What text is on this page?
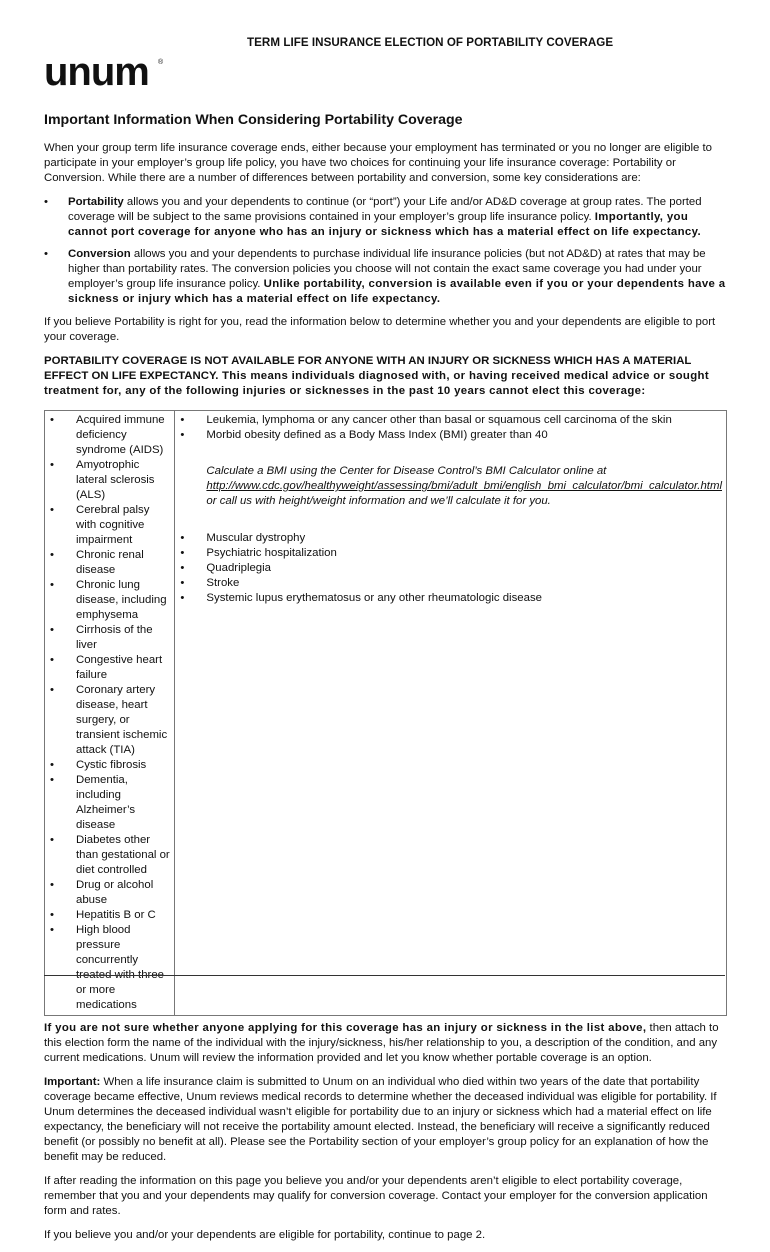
unum ®
TERM LIFE INSURANCE ELECTION OF PORTABILITY COVERAGE
Important Information When Considering Portability Coverage

When your group term life insurance coverage ends, either because your employment has terminated or you no longer are eligible to participate in your employer’s group life policy, you have two choices for continuing your life insurance coverage: Portability or Conversion. While there are a number of differences between portability and conversion, some key considerations are:

• Portability allows you and your dependents to continue (or “port”) your Life and/or AD&D coverage at group rates. The ported coverage will be subject to the same provisions contained in your employer’s group life insurance policy. Importantly, you cannot port coverage for anyone who has an injury or sickness which has a material effect on life expectancy.
• Conversion allows you and your dependents to purchase individual life insurance policies (but not AD&D) at rates that may be higher than portability rates. The conversion policies you choose will not contain the exact same coverage you had under your employer’s group life insurance policy. Unlike portability, conversion is available even if you or your dependents have a sickness or injury which has a material effect on life expectancy.

If you believe Portability is right for you, read the information below to determine whether you and your dependents are eligible to port your coverage.

PORTABILITY COVERAGE IS NOT AVAILABLE FOR ANYONE WITH AN INJURY OR SICKNESS WHICH HAS A MATERIAL EFFECT ON LIFE EXPECTANCY. This means individuals diagnosed with, or having received medical advice or sought treatment for, any of the following injuries or sicknesses in the past 10 years cannot elect this coverage:

• Acquired immune deficiency syndrome (AIDS)
• Amyotrophic lateral sclerosis (ALS)
• Cerebral palsy with cognitive impairment
• Chronic renal disease
• Chronic lung disease, including emphysema
• Cirrhosis of the liver
• Congestive heart failure
• Coronary artery disease, heart surgery, or transient ischemic attack (TIA)
• Cystic fibrosis
• Dementia, including Alzheimer’s disease
• Diabetes other than gestational or diet controlled
• Drug or alcohol abuse
• Hepatitis B or C
• High blood pressure concurrently treated with three or more medications

• Leukemia, lymphoma or any cancer other than basal or squamous cell carcinoma of the skin
• Morbid obesity defined as a Body Mass Index (BMI) greater than 40
Calculate a BMI using the Center for Disease Control’s BMI Calculator online at http://www.cdc.gov/healthyweight/assessing/bmi/adult_bmi/english_bmi_calculator/bmi_calculator.html or call us with height/weight information and we’ll calculate it for you.
• Muscular dystrophy
• Psychiatric hospitalization
• Quadriplegia
• Stroke
• Systemic lupus erythematosus or any other rheumatologic disease

If you are not sure whether anyone applying for this coverage has an injury or sickness in the list above, then attach to this election form the name of the individual with the injury/sickness, his/her relationship to you, a description of the condition, and any current medications. Unum will review the information provided and let you know whether portable coverage is an option.

Important: When a life insurance claim is submitted to Unum on an individual who died within two years of the date that portability coverage became effective, Unum reviews medical records to determine whether the deceased individual was eligible for portability. If Unum determines the deceased individual wasn’t eligible for portability due to an injury or sickness which had a material effect on life expectancy, the beneficiary will not receive the portability amount elected. Instead, the beneficiary will receive a significantly reduced benefit (or possibly no benefit at all). Please see the Portability section of your employer’s group policy for an explanation of how the benefit may be reduced.

If after reading the information on this page you believe you and/or your dependents aren’t eligible to elect portability coverage, remember that you and your dependents may qualify for conversion coverage. Contact your employer for the conversion application form and rates.

If you believe you and/or your dependents are eligible for portability, continue to page 2.
